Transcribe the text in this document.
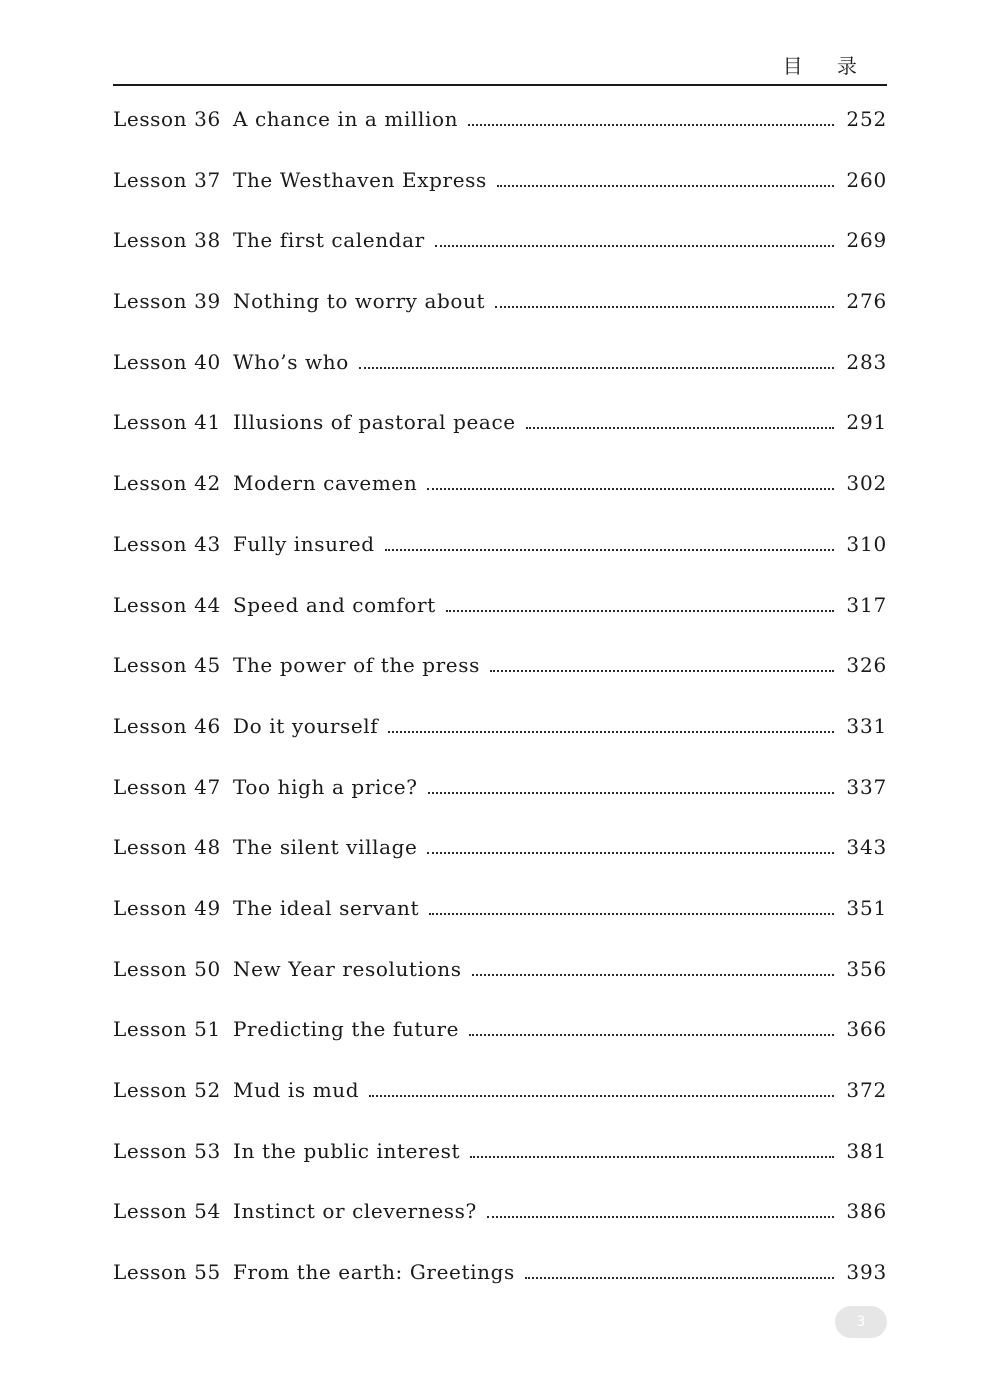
目 录
Lesson 36 A chance in a million	252
Lesson 37 The Westhaven Express	260
Lesson 38 The first calendar	269
Lesson 39 Nothing to worry about	276
Lesson 40 Who’s who	283
Lesson 41 Illusions of pastoral peace	291
Lesson 42 Modern cavemen	302
Lesson 43 Fully insured	310
Lesson 44 Speed and comfort	317
Lesson 45 The power of the press	326
Lesson 46 Do it yourself	331
Lesson 47 Too high a price?	337
Lesson 48 The silent village	343
Lesson 49 The ideal servant	351
Lesson 50 New Year resolutions	356
Lesson 51 Predicting the future	366
Lesson 52 Mud is mud	372
Lesson 53 In the public interest	381
Lesson 54 Instinct or cleverness?	386
Lesson 55 From the earth: Greetings	393
3
